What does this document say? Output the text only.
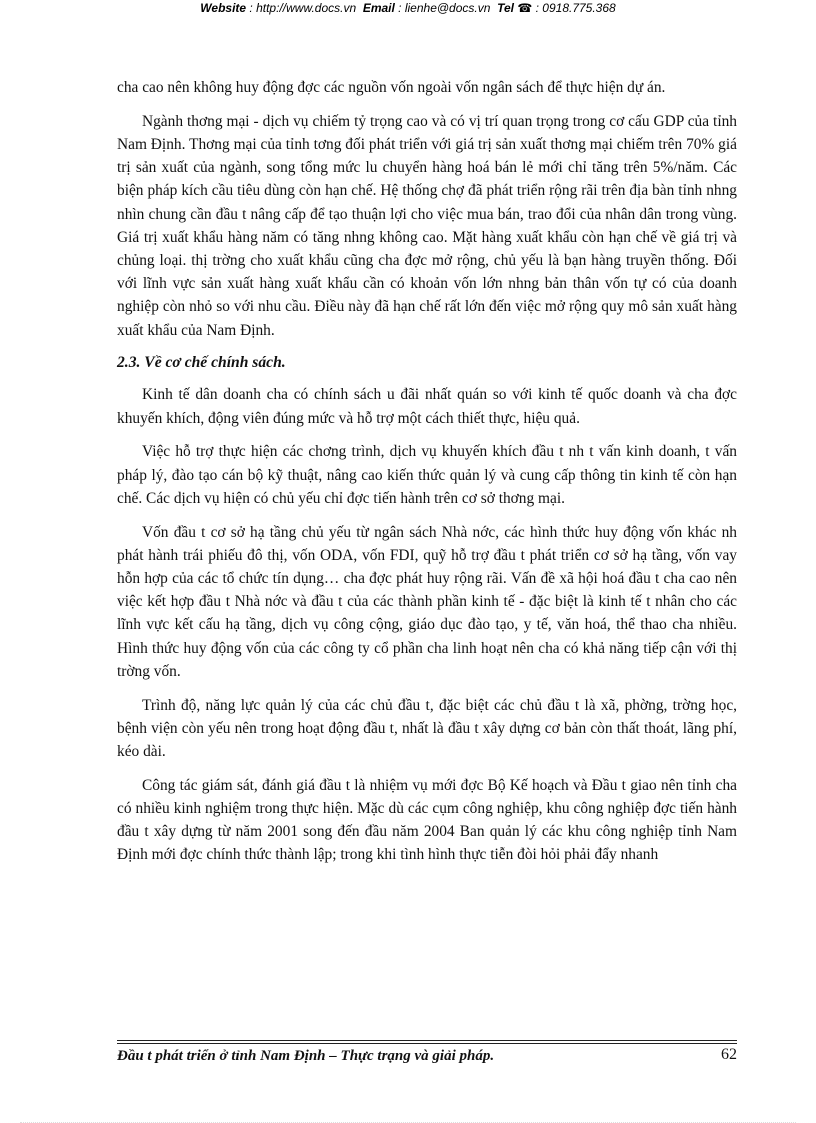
Website : http://www.docs.vn Email : lienhe@docs.vn Tel ☎ : 0918.775.368

cha cao nên không huy động đợc các nguồn vốn ngoài vốn ngân sách để thực hiện dự án.

Ngành thơng mại - dịch vụ chiếm tỷ trọng cao và có vị trí quan trọng trong cơ cấu GDP của tỉnh Nam Định. Thơng mại của tỉnh tơng đối phát triển với giá trị sản xuất thơng mại chiếm trên 70% giá trị sản xuất của ngành, song tổng mức lu chuyển hàng hoá bán lẻ mới chỉ tăng trên 5%/năm. Các biện pháp kích cầu tiêu dùng còn hạn chế. Hệ thống chợ đã phát triển rộng rãi trên địa bàn tỉnh nhng nhìn chung cần đầu t nâng cấp để tạo thuận lợi cho việc mua bán, trao đổi của nhân dân trong vùng. Giá trị xuất khẩu hàng năm có tăng nhng không cao. Mặt hàng xuất khẩu còn hạn chế về giá trị và chủng loại. thị trờng cho xuất khẩu cũng cha đợc mở rộng, chủ yếu là bạn hàng truyền thống. Đối với lĩnh vực sản xuất hàng xuất khẩu cần có khoản vốn lớn nhng bản thân vốn tự có của doanh nghiệp còn nhỏ so với nhu cầu. Điều này đã hạn chế rất lớn đến việc mở rộng quy mô sản xuất hàng xuất khẩu của Nam Định.

2.3. Về cơ chế chính sách.

Kinh tế dân doanh cha có chính sách u đãi nhất quán so với kinh tế quốc doanh và cha đợc khuyến khích, động viên đúng mức và hỗ trợ một cách thiết thực, hiệu quả.

Việc hỗ trợ thực hiện các chơng trình, dịch vụ khuyến khích đầu t nh t vấn kinh doanh, t vấn pháp lý, đào tạo cán bộ kỹ thuật, nâng cao kiến thức quản lý và cung cấp thông tin kinh tế còn hạn chế. Các dịch vụ hiện có chủ yếu chỉ đợc tiến hành trên cơ sở thơng mại.

Vốn đầu t cơ sở hạ tầng chủ yếu từ ngân sách Nhà nớc, các hình thức huy động vốn khác nh phát hành trái phiếu đô thị, vốn ODA, vốn FDI, quỹ hỗ trợ đầu t phát triển cơ sở hạ tầng, vốn vay hỗn hợp của các tổ chức tín dụng… cha đợc phát huy rộng rãi. Vấn đề xã hội hoá đầu t cha cao nên việc kết hợp đầu t Nhà nớc và đầu t của các thành phần kinh tế - đặc biệt là kinh tế t nhân cho các lĩnh vực kết cấu hạ tầng, dịch vụ công cộng, giáo dục đào tạo, y tế, văn hoá, thể thao cha nhiều. Hình thức huy động vốn của các công ty cổ phần cha linh hoạt nên cha có khả năng tiếp cận với thị trờng vốn.

Trình độ, năng lực quản lý của các chủ đầu t, đặc biệt các chủ đầu t là xã, phờng, trờng học, bệnh viện còn yếu nên trong hoạt động đầu t, nhất là đầu t xây dựng cơ bản còn thất thoát, lãng phí, kéo dài.

Công tác giám sát, đánh giá đầu t là nhiệm vụ mới đợc Bộ Kế hoạch và Đầu t giao nên tỉnh cha có nhiều kinh nghiệm trong thực hiện. Mặc dù các cụm công nghiệp, khu công nghiệp đợc tiến hành đầu t xây dựng từ năm 2001 song đến đầu năm 2004 Ban quản lý các khu công nghiệp tỉnh Nam Định mới đợc chính thức thành lập; trong khi tình hình thực tiễn đòi hỏi phải đẩy nhanh

Đầu t phát triển ở tỉnh Nam Định – Thực trạng và giải pháp.	62
